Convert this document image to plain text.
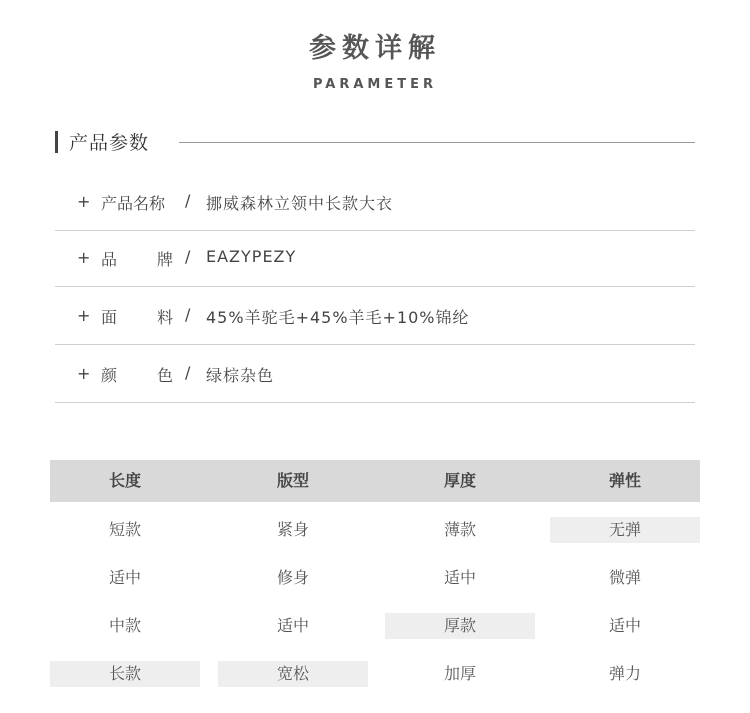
参数详解
PARAMETER
产品参数
+ 产品名称 / 挪威森林立领中长款大衣
+ 品 牌 / EAZYPEZY
+ 面 料 / 45%羊驼毛+45%羊毛+10%锦纶
+ 颜 色 / 绿棕杂色
长度	版型	厚度	弹性
短款	紧身	薄款	无弹
适中	修身	适中	微弹
中款	适中	厚款	适中
长款	宽松	加厚	弹力
